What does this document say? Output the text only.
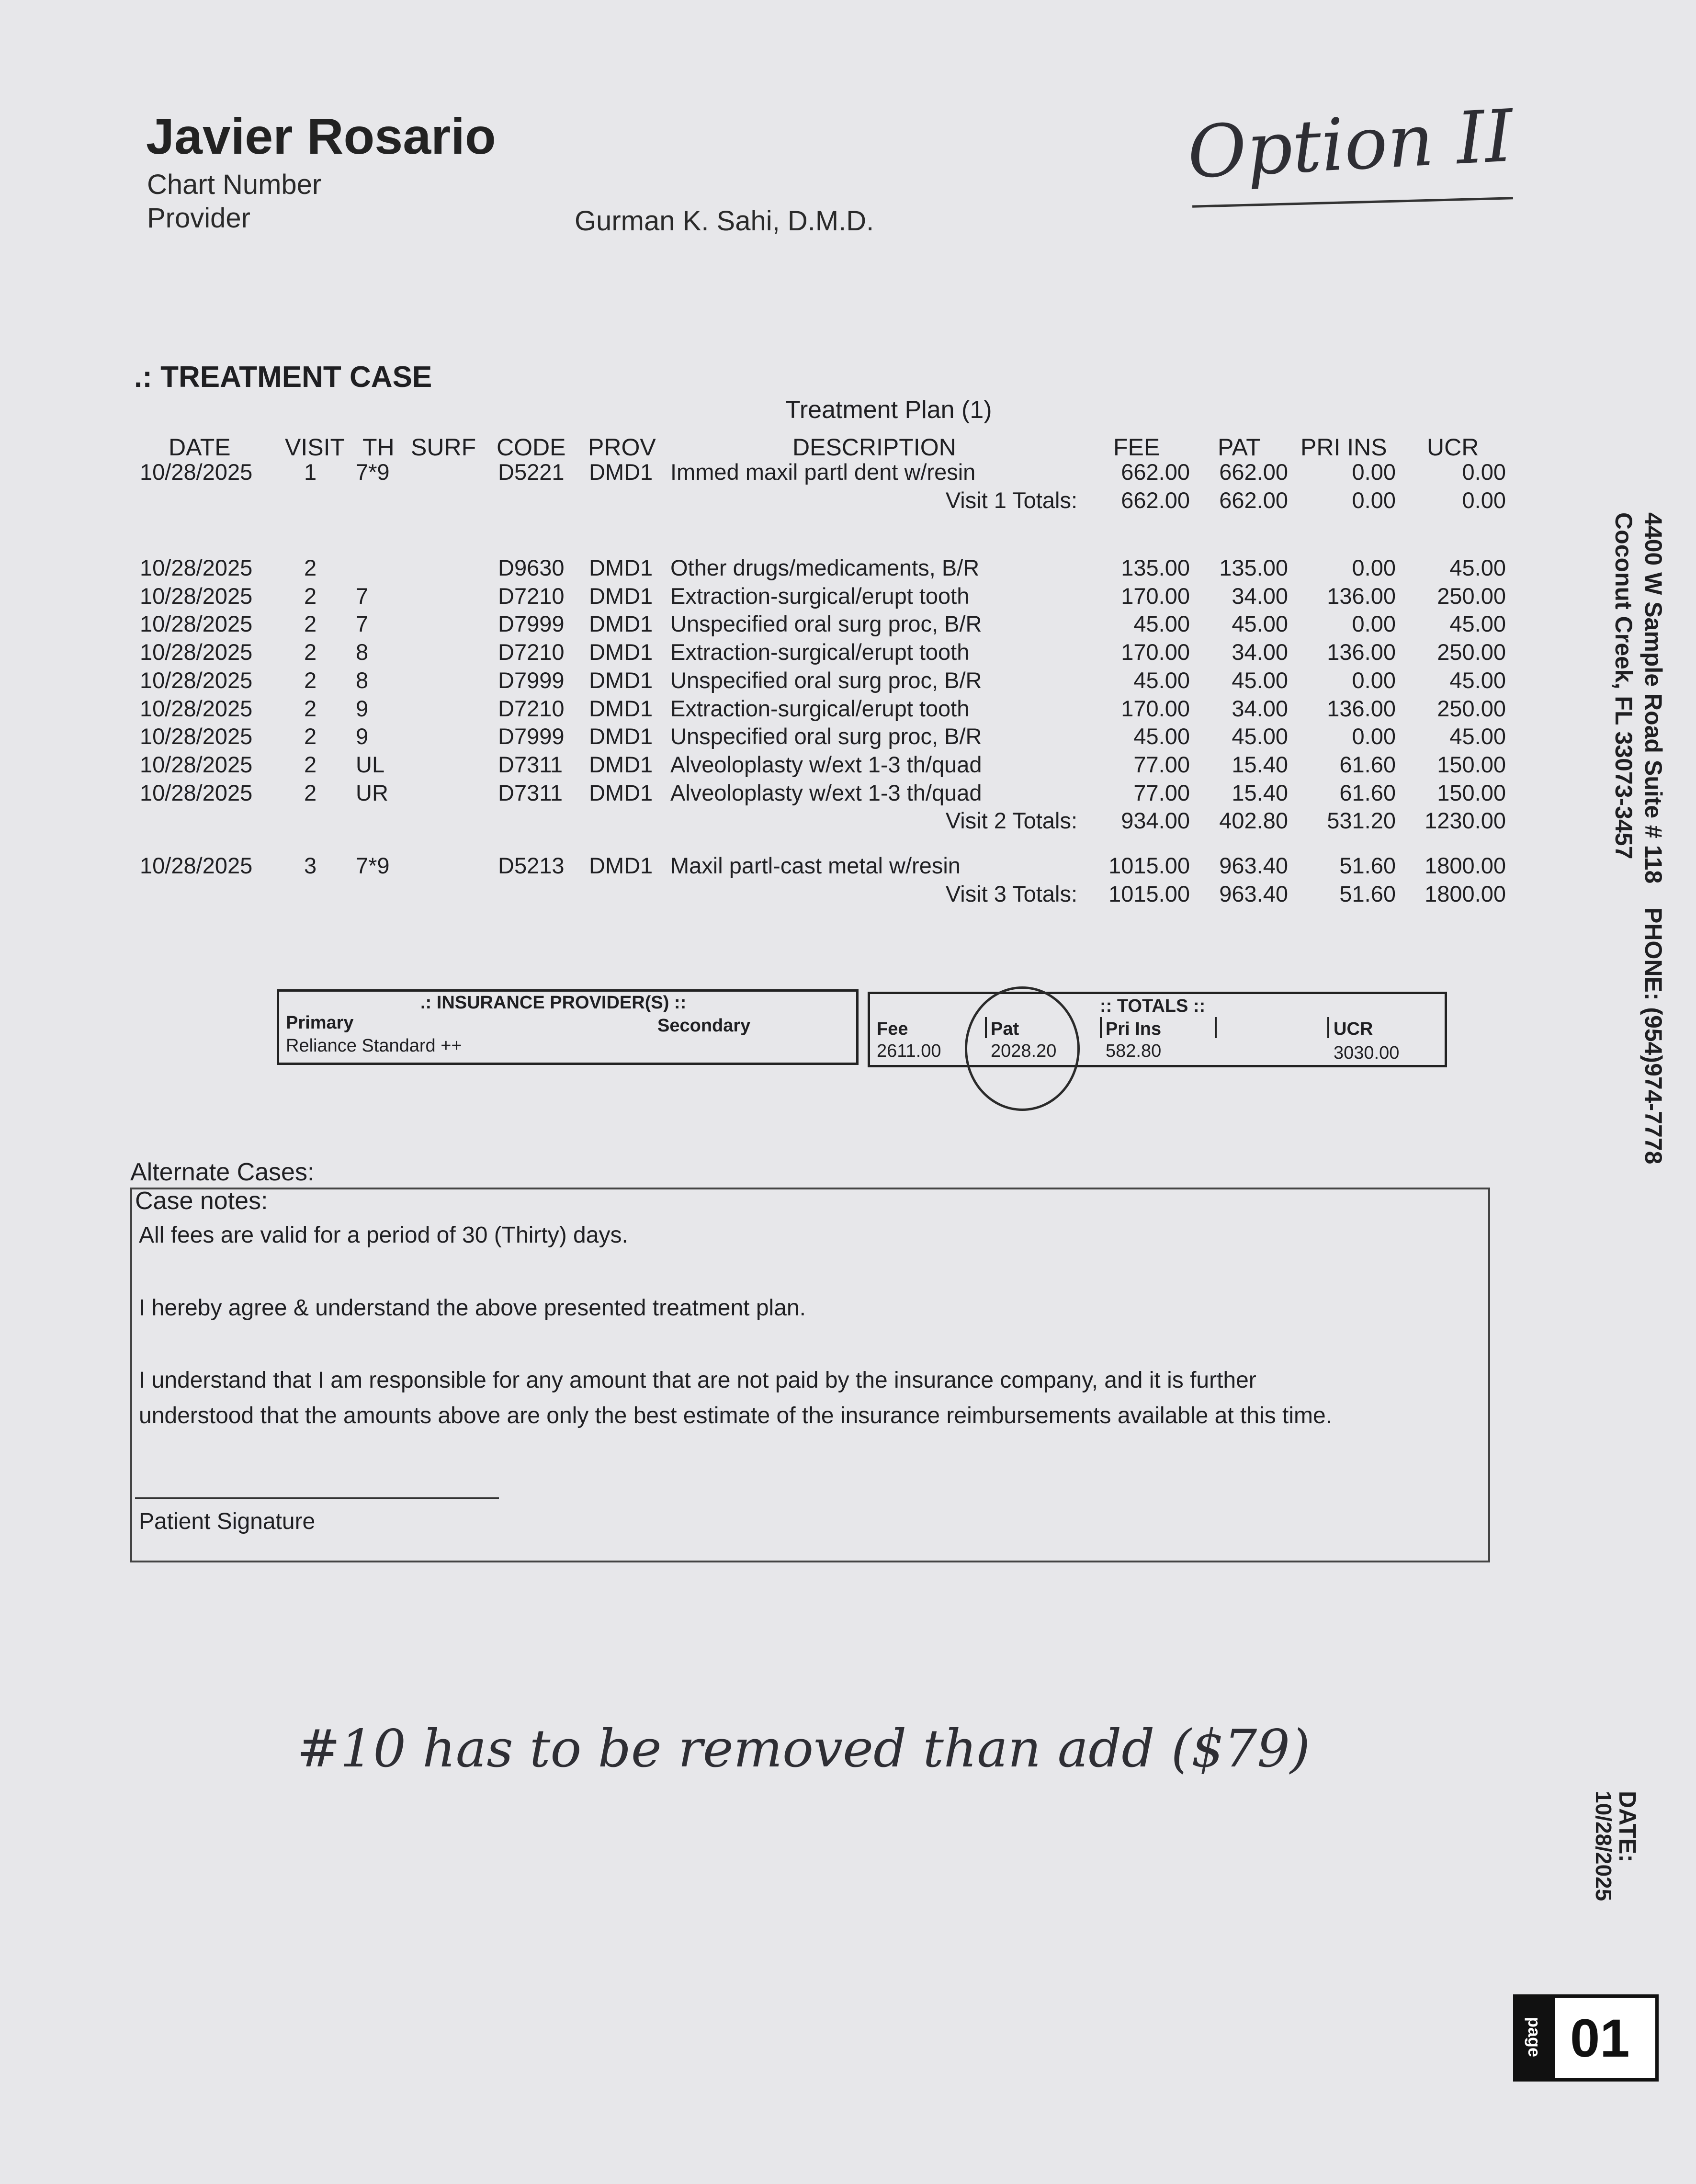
Javier Rosario
Chart Number
Provider	Gurman K. Sahi, D.M.D.
Option II
.: TREATMENT CASE
Treatment Plan (1)
DATE VISIT TH SURF CODE PROV	DESCRIPTION	FEE PAT PRI INS UCR
10/28/2025 1 7*9	D5221 DMD1 Immed maxil partl dent w/resin	662.00 662.00	0.00	0.00
Visit 1 Totals: 662.00 662.00	0.00	0.00
10/28/2025 2	D9630 DMD1 Other drugs/medicaments, B/R	135.00 135.00	0.00 45.00
10/28/2025 2 7	D7210 DMD1 Extraction-surgical/erupt tooth	170.00 34.00 136.00 250.00
10/28/2025 2 7	D7999 DMD1 Unspecified oral surg proc, B/R	45.00 45.00	0.00 45.00
10/28/2025 2 8	D7210 DMD1 Extraction-surgical/erupt tooth	170.00 34.00 136.00 250.00
10/28/2025 2 8	D7999 DMD1 Unspecified oral surg proc, B/R	45.00 45.00	0.00 45.00
10/28/2025 2 9	D7210 DMD1 Extraction-surgical/erupt tooth	170.00 34.00 136.00 250.00
10/28/2025 2 9	D7999 DMD1 Unspecified oral surg proc, B/R	45.00 45.00	0.00 45.00
10/28/2025 2 UL	D7311 DMD1 Alveoloplasty w/ext 1-3 th/quad	77.00 15.40 61.60 150.00
10/28/2025 2 UR	D7311 DMD1 Alveoloplasty w/ext 1-3 th/quad	77.00 15.40 61.60 150.00
Visit 2 Totals: 934.00 402.80 531.20 1230.00
10/28/2025 3 7*9	D5213 DMD1 Maxil partl-cast metal w/resin	1015.00 963.40 51.60 1800.00
Visit 3 Totals: 1015.00 963.40 51.60 1800.00
.: INSURANCE PROVIDER(S) ::
Primary	Secondary
Reliance Standard ++
:: TOTALS ::
Fee
2611.00
Pat
2028.20
Pri Ins
582.80
UCR
3030.00
Alternate Cases:
Case notes:
All fees are valid for a period of 30 (Thirty) days.
I hereby agree & understand the above presented treatment plan.
I understand that I am responsible for any amount that are not paid by the insurance company, and it is further
understood that the amounts above are only the best estimate of the insurance reimbursements available at this time.
Patient Signature
#10 has to be removed than add ($79)
4400 W Sample Road Suite # 118
Coconut Creek, FL 33073-3457
PHONE: (954)974-7778
DATE:
10/28/2025
page 01
